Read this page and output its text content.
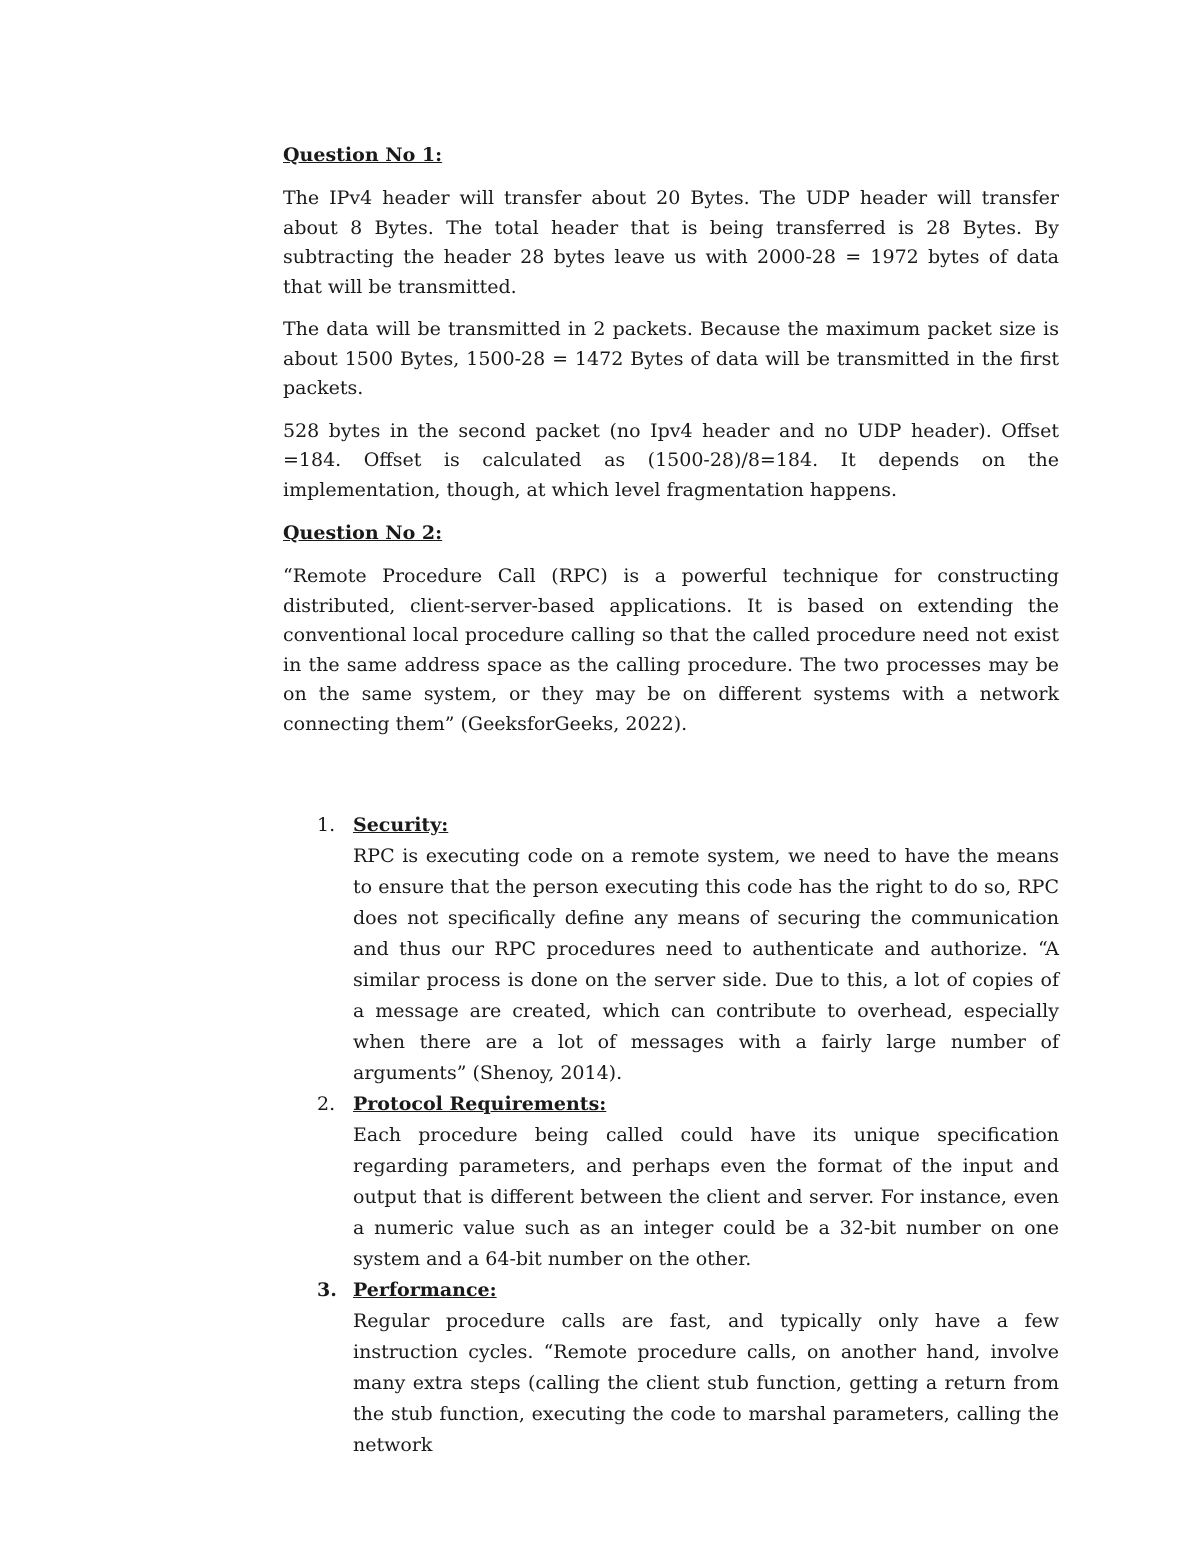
Question No 1:

The IPv4 header will transfer about 20 Bytes. The UDP header will transfer about 8 Bytes. The total header that is being transferred is 28 Bytes. By subtracting the header 28 bytes leave us with 2000-28 = 1972 bytes of data that will be transmitted.

The data will be transmitted in 2 packets. Because the maximum packet size is about 1500 Bytes, 1500-28 = 1472 Bytes of data will be transmitted in the first packets.

528 bytes in the second packet (no Ipv4 header and no UDP header). Offset =184. Offset is calculated as (1500-28)/8=184. It depends on the implementation, though, at which level fragmentation happens.

Question No 2:

“Remote Procedure Call (RPC) is a powerful technique for constructing distributed, client-server-based applications. It is based on extending the conventional local procedure calling so that the called procedure need not exist in the same address space as the calling procedure. The two processes may be on the same system, or they may be on different systems with a network connecting them” (GeeksforGeeks, 2022).

1. Security:
RPC is executing code on a remote system, we need to have the means to ensure that the person executing this code has the right to do so, RPC does not specifically define any means of securing the communication and thus our RPC procedures need to authenticate and authorize. “A similar process is done on the server side. Due to this, a lot of copies of a message are created, which can contribute to overhead, especially when there are a lot of messages with a fairly large number of arguments” (Shenoy, 2014).
2. Protocol Requirements:
Each procedure being called could have its unique specification regarding parameters, and perhaps even the format of the input and output that is different between the client and server. For instance, even a numeric value such as an integer could be a 32-bit number on one system and a 64-bit number on the other.
3. Performance:
Regular procedure calls are fast, and typically only have a few instruction cycles. “Remote procedure calls, on another hand, involve many extra steps (calling the client stub function, getting a return from the stub function, executing the code to marshal parameters, calling the network
